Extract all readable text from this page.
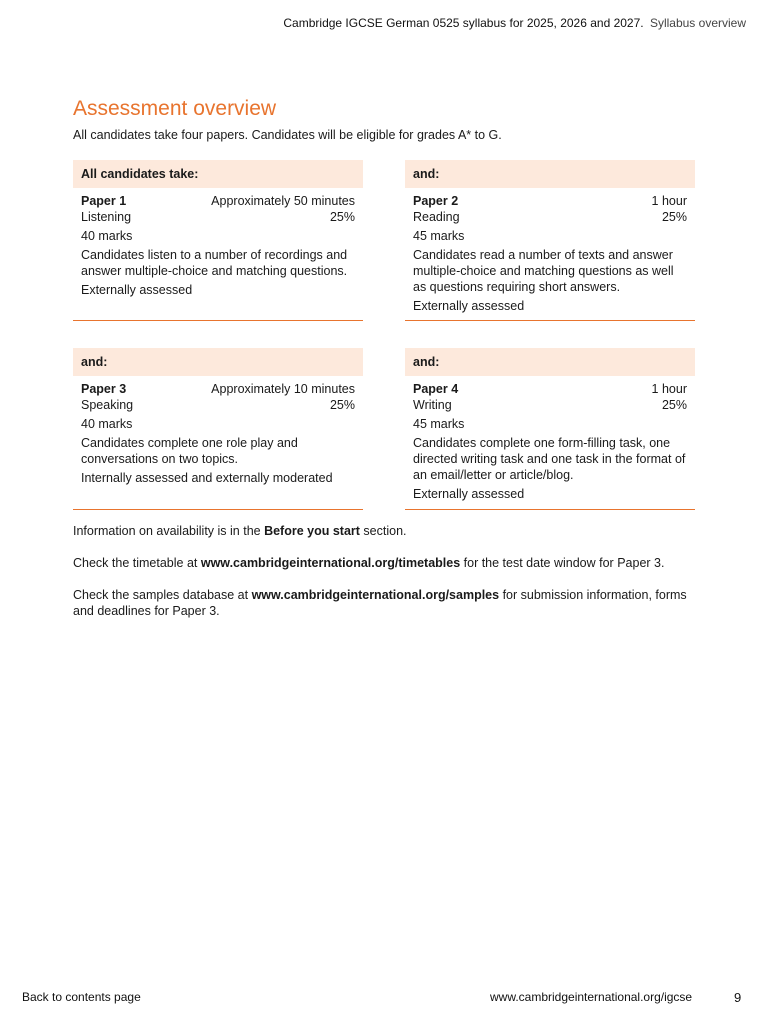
Cambridge IGCSE German 0525 syllabus for 2025, 2026 and 2027. Syllabus overview
Assessment overview

All candidates take four papers. Candidates will be eligible for grades A* to G.

All candidates take:
Paper 1	Approximately 50 minutes
Listening	25%

40 marks

Candidates listen to a number of recordings and answer multiple-choice and matching questions.

Externally assessed

and:
Paper 2	1 hour
Reading	25%

45 marks

Candidates read a number of texts and answer multiple-choice and matching questions as well as questions requiring short answers.

Externally assessed

and:
Paper 3	Approximately 10 minutes
Speaking	25%

40 marks

Candidates complete one role play and conversations on two topics.

Internally assessed and externally moderated

and:
Paper 4	1 hour
Writing	25%

45 marks

Candidates complete one form-filling task, one directed writing task and one task in the format of an email/letter or article/blog.

Externally assessed

Information on availability is in the Before you start section.

Check the timetable at www.cambridgeinternational.org/timetables for the test date window for Paper 3.

Check the samples database at www.cambridgeinternational.org/samples for submission information, forms and deadlines for Paper 3.

Back to contents page	www.cambridgeinternational.org/igcse	9
